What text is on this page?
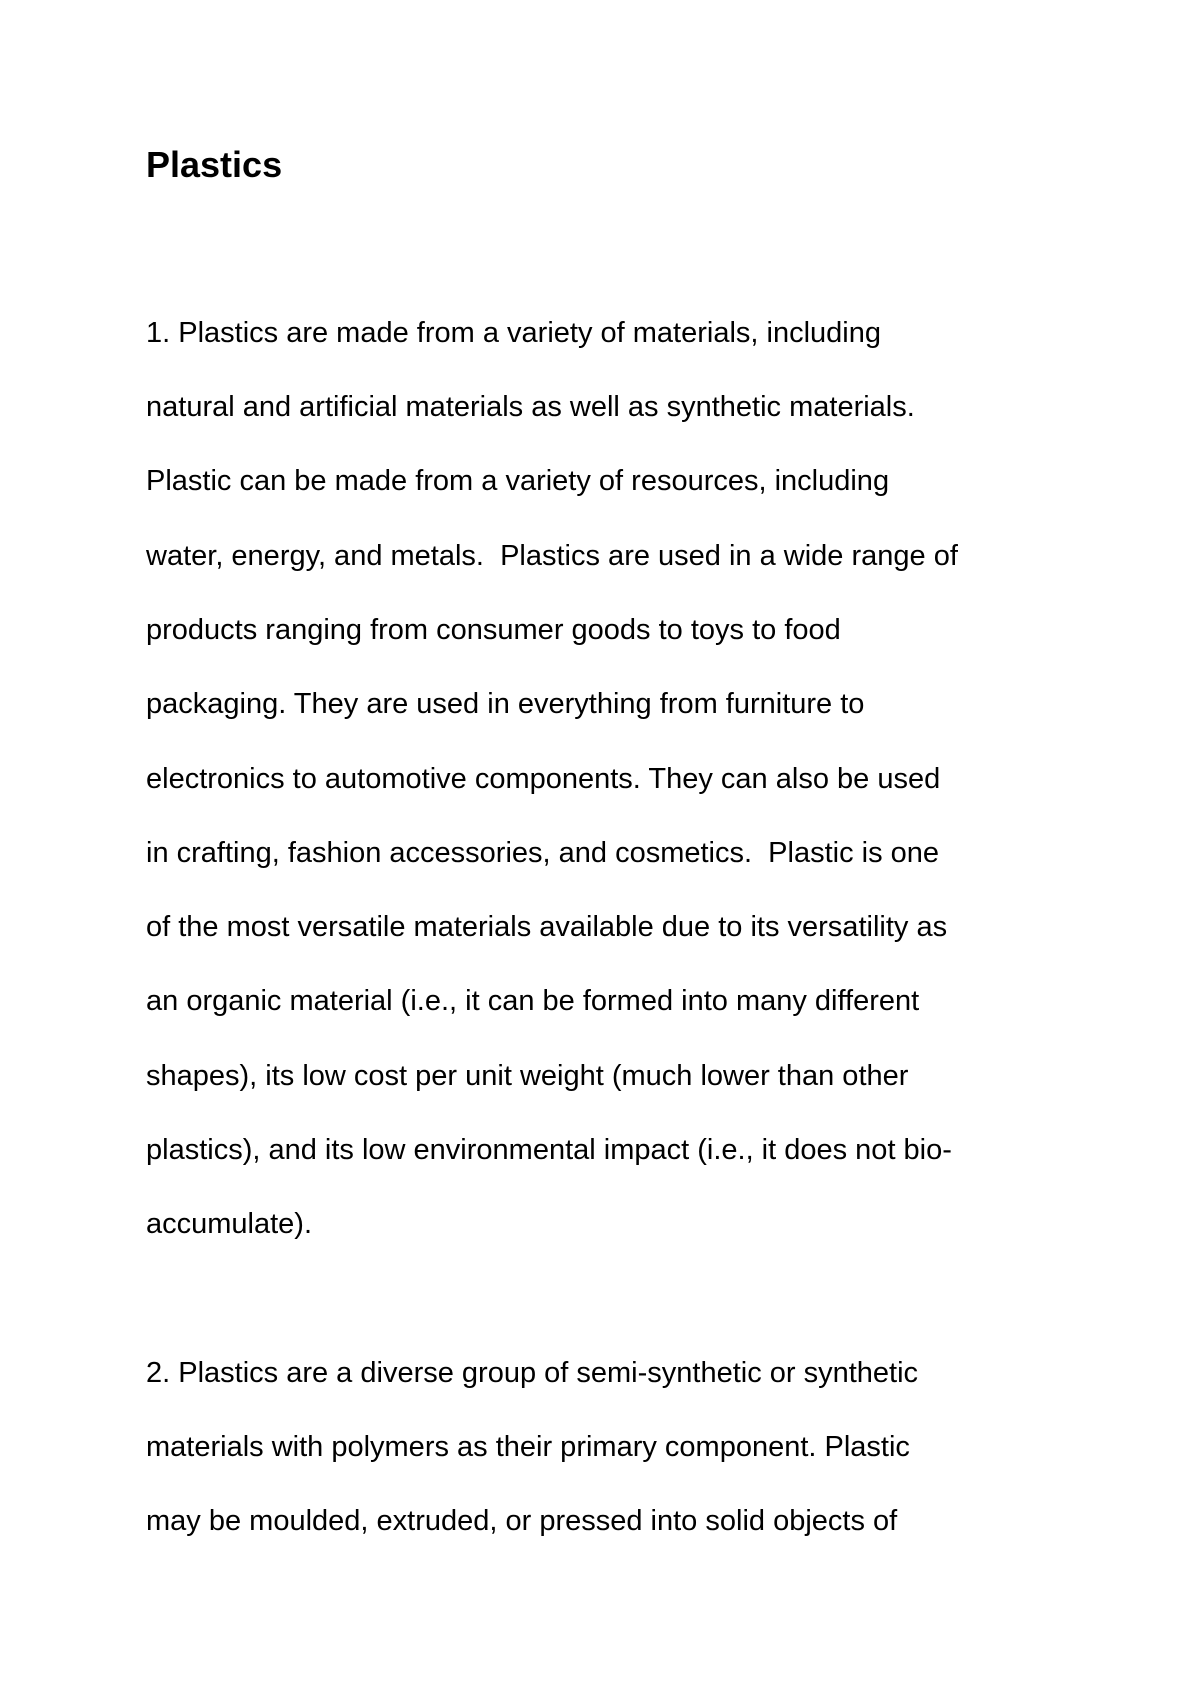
Plastics

1. Plastics are made from a variety of materials, including

natural and artificial materials as well as synthetic materials.

Plastic can be made from a variety of resources, including

water, energy, and metals.  Plastics are used in a wide range of

products ranging from consumer goods to toys to food

packaging. They are used in everything from furniture to

electronics to automotive components. They can also be used

in crafting, fashion accessories, and cosmetics.  Plastic is one

of the most versatile materials available due to its versatility as

an organic material (i.e., it can be formed into many different

shapes), its low cost per unit weight (much lower than other

plastics), and its low environmental impact (i.e., it does not bio-

accumulate).

2. Plastics are a diverse group of semi-synthetic or synthetic

materials with polymers as their primary component. Plastic

may be moulded, extruded, or pressed into solid objects of
